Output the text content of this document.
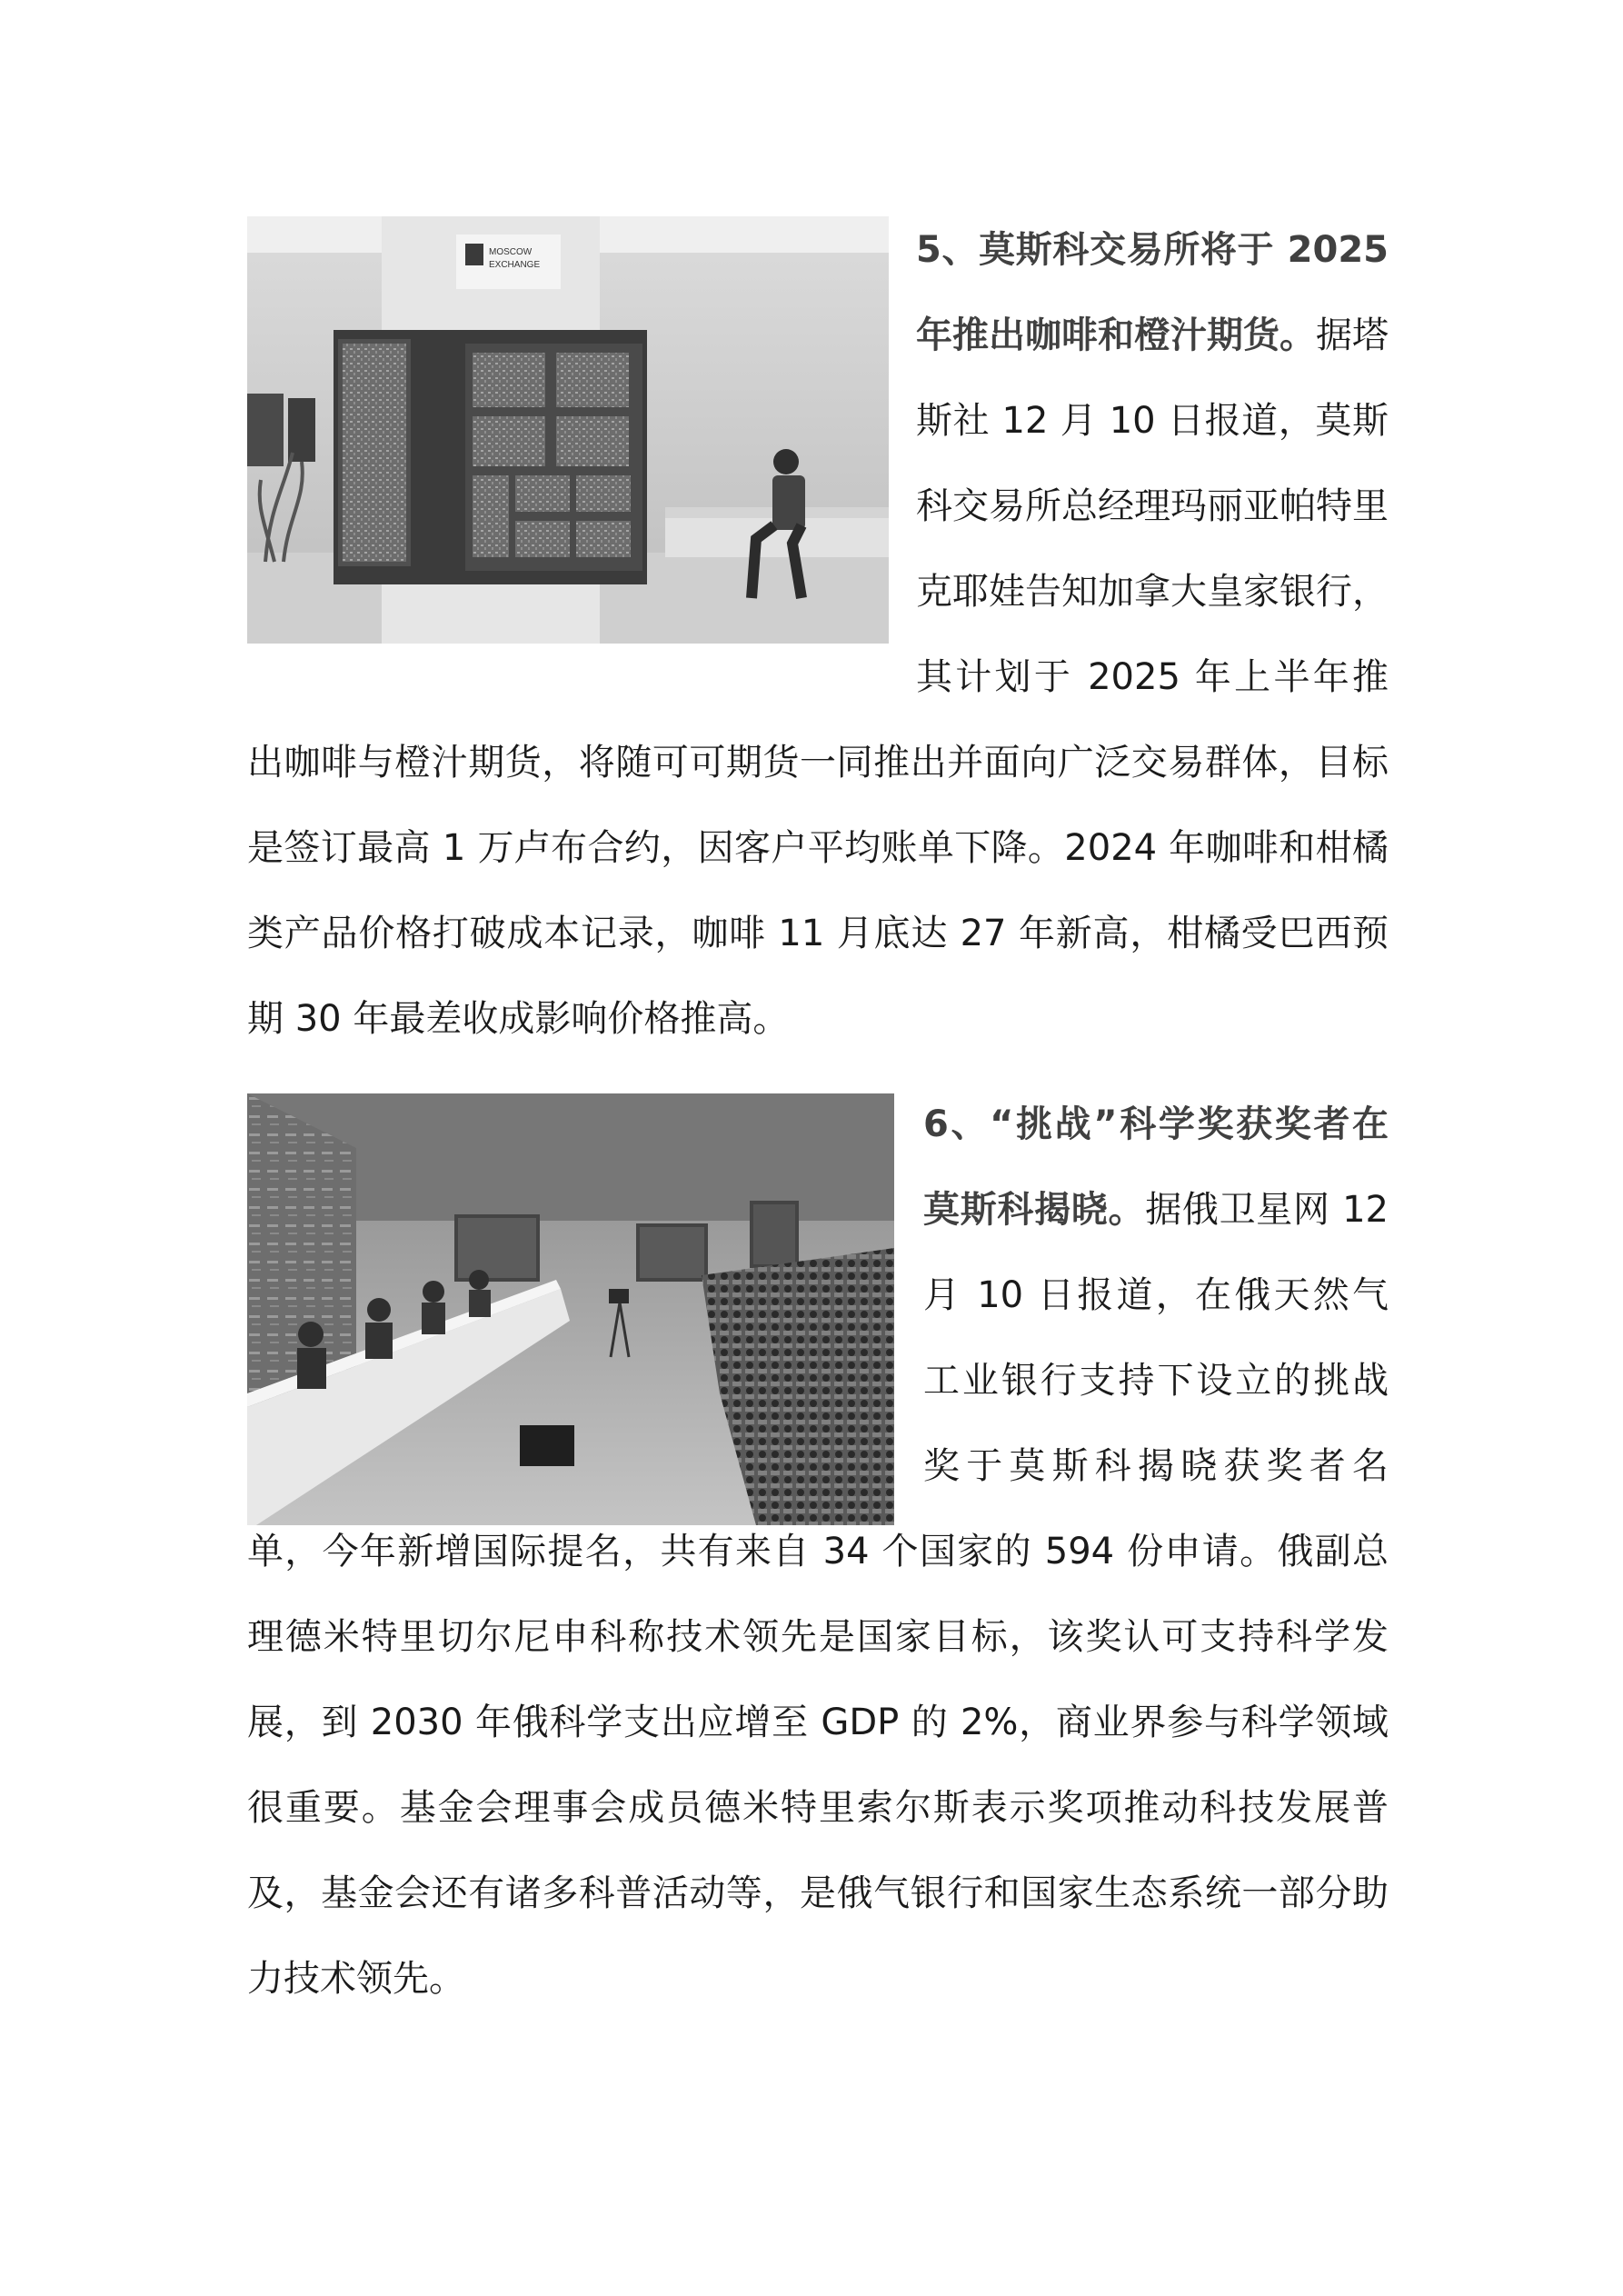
MOSCOW
EXCHANGE	5、莫斯科交易所将于 2025 年推出咖啡和橙汁期货。据塔斯社 12 月 10 日报道，莫斯科交易所总经理玛丽亚帕特里克耶娃告知加拿大皇家银行，其计划于 2025 年上半年推出咖啡与橙汁期货，将随可可期货一同推出并面向广泛交易群体，目标是签订最高 1 万卢布合约，因客户平均账单下降。2024 年咖啡和柑橘类产品价格打破成本记录，咖啡 11 月底达 27 年新高，柑橘受巴西预期 30 年最差收成影响价格推高。
6、“挑战”科学奖获奖者在莫斯科揭晓。据俄卫星网 12 月 10 日报道，在俄天然气工业银行支持下设立的挑战奖于莫斯科揭晓获奖者名单，今年新增国际提名，共有来自 34 个国家的 594 份申请。俄副总理德米特里切尔尼申科称技术领先是国家目标，该奖认可支持科学发展，到 2030 年俄科学支出应增至 GDP 的 2%，商业界参与科学领域很重要。基金会理事会成员德米特里索尔斯表示奖项推动科技发展普及，基金会还有诸多科普活动等，是俄气银行和国家生态系统一部分助力技术领先。
